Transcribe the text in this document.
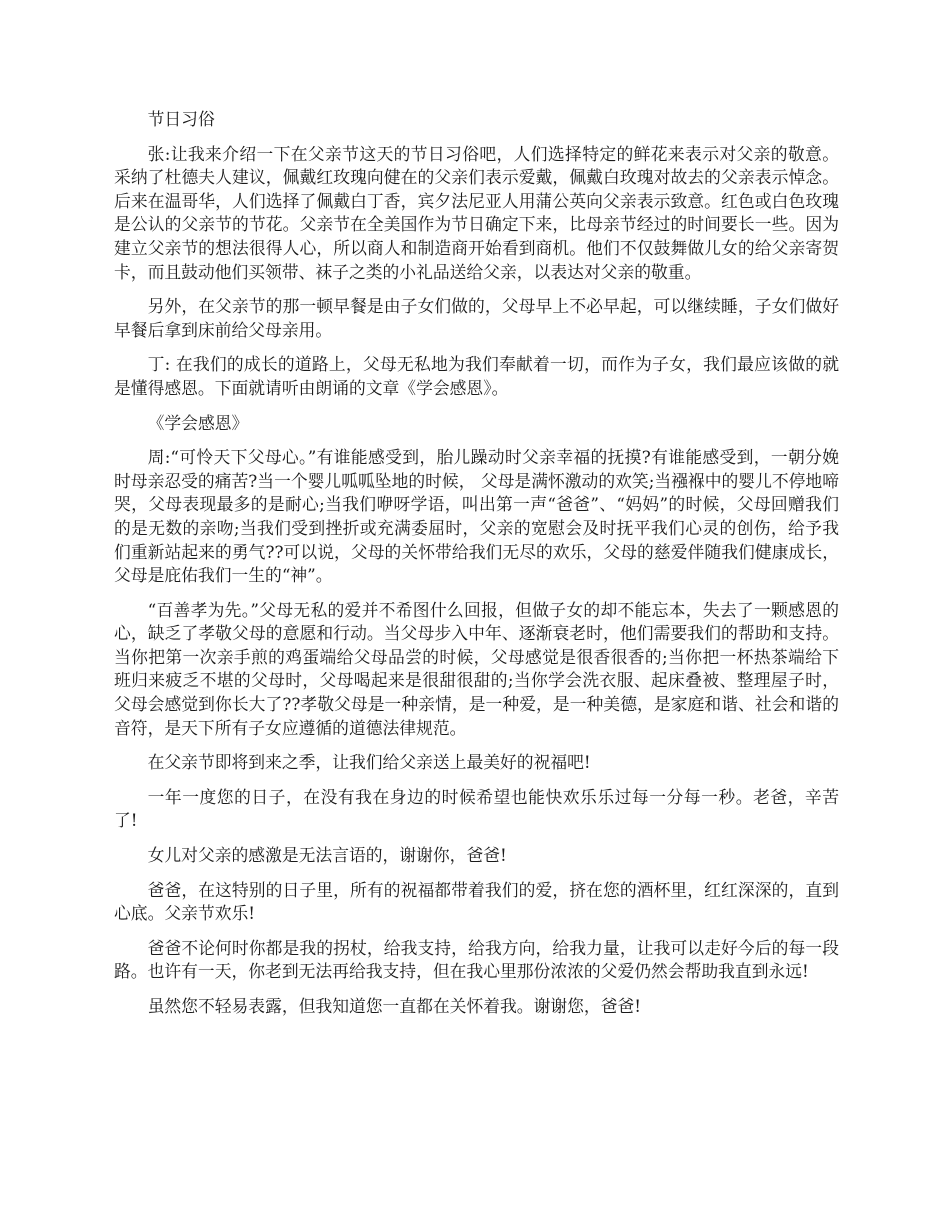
节日习俗

张:让我来介绍一下在父亲节这天的节日习俗吧，人们选择特定的鲜花来表示对父亲的敬意。采纳了杜德夫人建议，佩戴红玫瑰向健在的父亲们表示爱戴，佩戴白玫瑰对故去的父亲表示悼念。后来在温哥华，人们选择了佩戴白丁香，宾夕法尼亚人用蒲公英向父亲表示致意。红色或白色玫瑰是公认的父亲节的节花。父亲节在全美国作为节日确定下来，比母亲节经过的时间要长一些。因为建立父亲节的想法很得人心，所以商人和制造商开始看到商机。他们不仅鼓舞做儿女的给父亲寄贺卡，而且鼓动他们买领带、袜子之类的小礼品送给父亲，以表达对父亲的敬重。

另外，在父亲节的那一顿早餐是由子女们做的，父母早上不必早起，可以继续睡，子女们做好早餐后拿到床前给父母亲用。

丁: 在我们的成长的道路上，父母无私地为我们奉献着一切，而作为子女，我们最应该做的就是懂得感恩。下面就请听由朗诵的文章《学会感恩》。

《学会感恩》

周:“可怜天下父母心。”有谁能感受到，胎儿躁动时父亲幸福的抚摸?有谁能感受到，一朝分娩时母亲忍受的痛苦?当一个婴儿呱呱坠地的时候， 父母是满怀激动的欢笑;当襁褓中的婴儿不停地啼哭，父母表现最多的是耐心;当我们咿呀学语，叫出第一声“爸爸”、“妈妈”的时候，父母回赠我们的是无数的亲吻;当我们受到挫折或充满委屈时，父亲的宽慰会及时抚平我们心灵的创伤，给予我们重新站起来的勇气??可以说，父母的关怀带给我们无尽的欢乐，父母的慈爱伴随我们健康成长，父母是庇佑我们一生的“神”。

“百善孝为先。”父母无私的爱并不希图什么回报，但做子女的却不能忘本，失去了一颗感恩的心，缺乏了孝敬父母的意愿和行动。当父母步入中年、逐渐衰老时，他们需要我们的帮助和支持。当你把第一次亲手煎的鸡蛋端给父母品尝的时候，父母感觉是很香很香的;当你把一杯热茶端给下班归来疲乏不堪的父母时，父母喝起来是很甜很甜的;当你学会洗衣服、起床叠被、整理屋子时，父母会感觉到你长大了??孝敬父母是一种亲情，是一种爱，是一种美德，是家庭和谐、社会和谐的音符，是天下所有子女应遵循的道德法律规范。

在父亲节即将到来之季，让我们给父亲送上最美好的祝福吧!

一年一度您的日子，在没有我在身边的时候希望也能快欢乐乐过每一分每一秒。老爸，辛苦了!

女儿对父亲的感激是无法言语的，谢谢你，爸爸!

爸爸，在这特别的日子里，所有的祝福都带着我们的爱，挤在您的酒杯里，红红深深的，直到心底。父亲节欢乐!

爸爸不论何时你都是我的拐杖，给我支持，给我方向，给我力量，让我可以走好今后的每一段路。也许有一天，你老到无法再给我支持，但在我心里那份浓浓的父爱仍然会帮助我直到永远!

虽然您不轻易表露，但我知道您一直都在关怀着我。谢谢您，爸爸!
